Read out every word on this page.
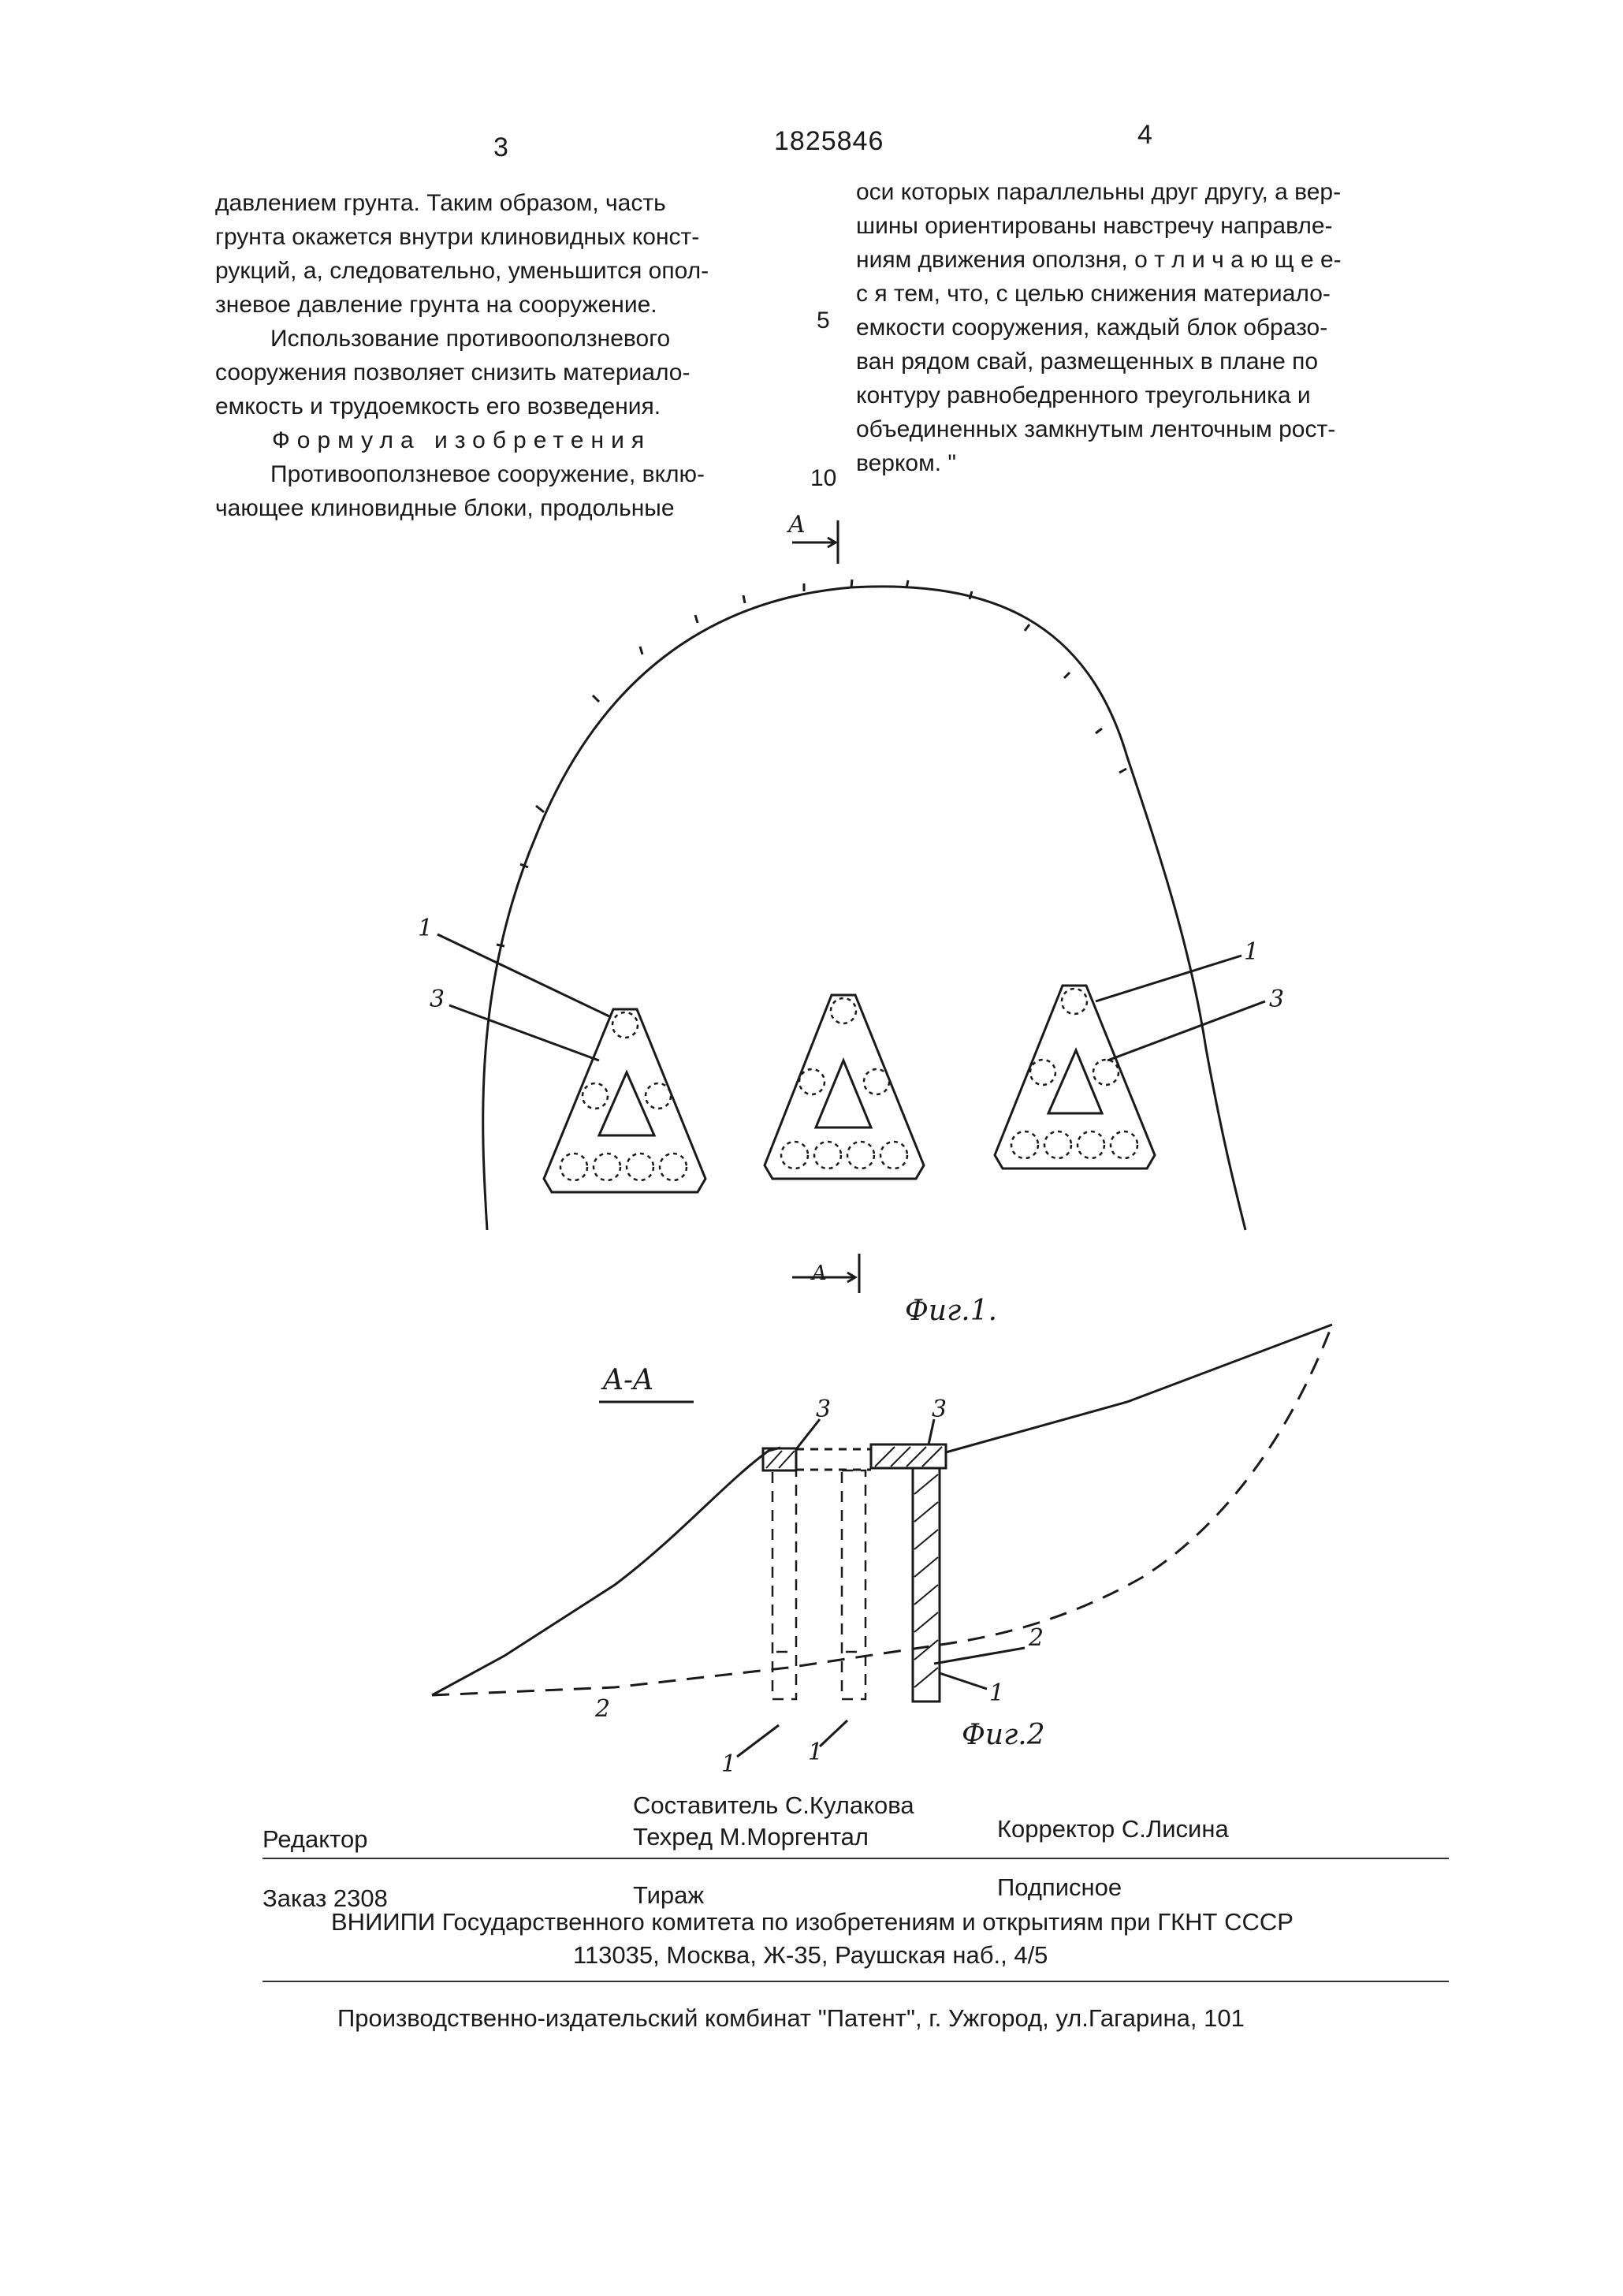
3	1825846	4
давлением грунта. Таким образом, часть
грунта окажется внутри клиновидных конст-
рукций, а, следовательно, уменьшится опол-
зневое давление грунта на сооружение.
Использование противооползневого
сооружения позволяет снизить материало-
емкость и трудоемкость его возведения.
Формула изобретения
Противооползневое сооружение, вклю-
чающее клиновидные блоки, продольные
5
10
оси которых параллельны друг другу, а вер-
шины ориентированы навстречу направле-
ниям движения оползня, о т л и ч а ю щ е е-
с я тем, что, с целью снижения материало-
емкости сооружения, каждый блок образо-
ван рядом свай, размещенных в плане по
контуру равнобедренного треугольника и
объединенных замкнутым ленточным рост-
верком. "
A
A
1
3
1
3
Фиг.1.
A-A
3	3
2
1
2
1	1
Фиг.2
Составитель С.Кулакова
Редактор	Техред М.Моргентал	Корректор С.Лисина
Заказ 2308	Тираж	Подписное
ВНИИПИ Государственного комитета по изобретениям и открытиям при ГКНТ СССР
113035, Москва, Ж-35, Раушская наб., 4/5
Производственно-издательский комбинат "Патент", г. Ужгород, ул.Гагарина, 101
